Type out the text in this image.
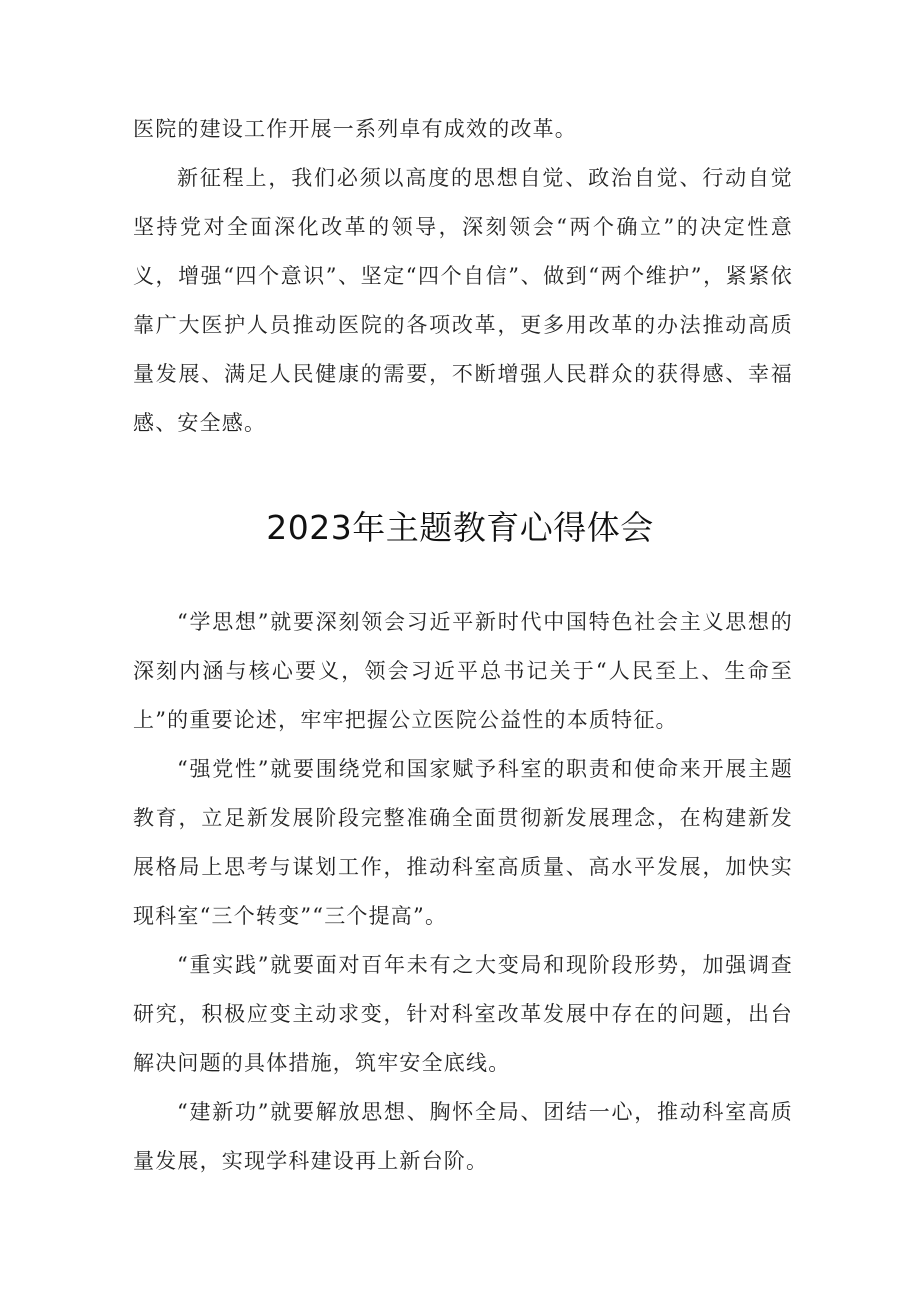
医院的建设工作开展一系列卓有成效的改革。

新征程上，我们必须以高度的思想自觉、政治自觉、行动自觉坚持党对全面深化改革的领导，深刻领会“两个确立”的决定性意义，增强“四个意识”、坚定“四个自信”、做到“两个维护”，紧紧依靠广大医护人员推动医院的各项改革，更多用改革的办法推动高质量发展、满足人民健康的需要，不断增强人民群众的获得感、幸福感、安全感。

2023年主题教育心得体会

“学思想”就要深刻领会习近平新时代中国特色社会主义思想的深刻内涵与核心要义，领会习近平总书记关于“人民至上、生命至上”的重要论述，牢牢把握公立医院公益性的本质特征。

“强党性”就要围绕党和国家赋予科室的职责和使命来开展主题教育，立足新发展阶段完整准确全面贯彻新发展理念，在构建新发展格局上思考与谋划工作，推动科室高质量、高水平发展，加快实现科室“三个转变”“三个提高”。

“重实践”就要面对百年未有之大变局和现阶段形势，加强调查研究，积极应变主动求变，针对科室改革发展中存在的问题，出台解决问题的具体措施，筑牢安全底线。

“建新功”就要解放思想、胸怀全局、团结一心，推动科室高质量发展，实现学科建设再上新台阶。
